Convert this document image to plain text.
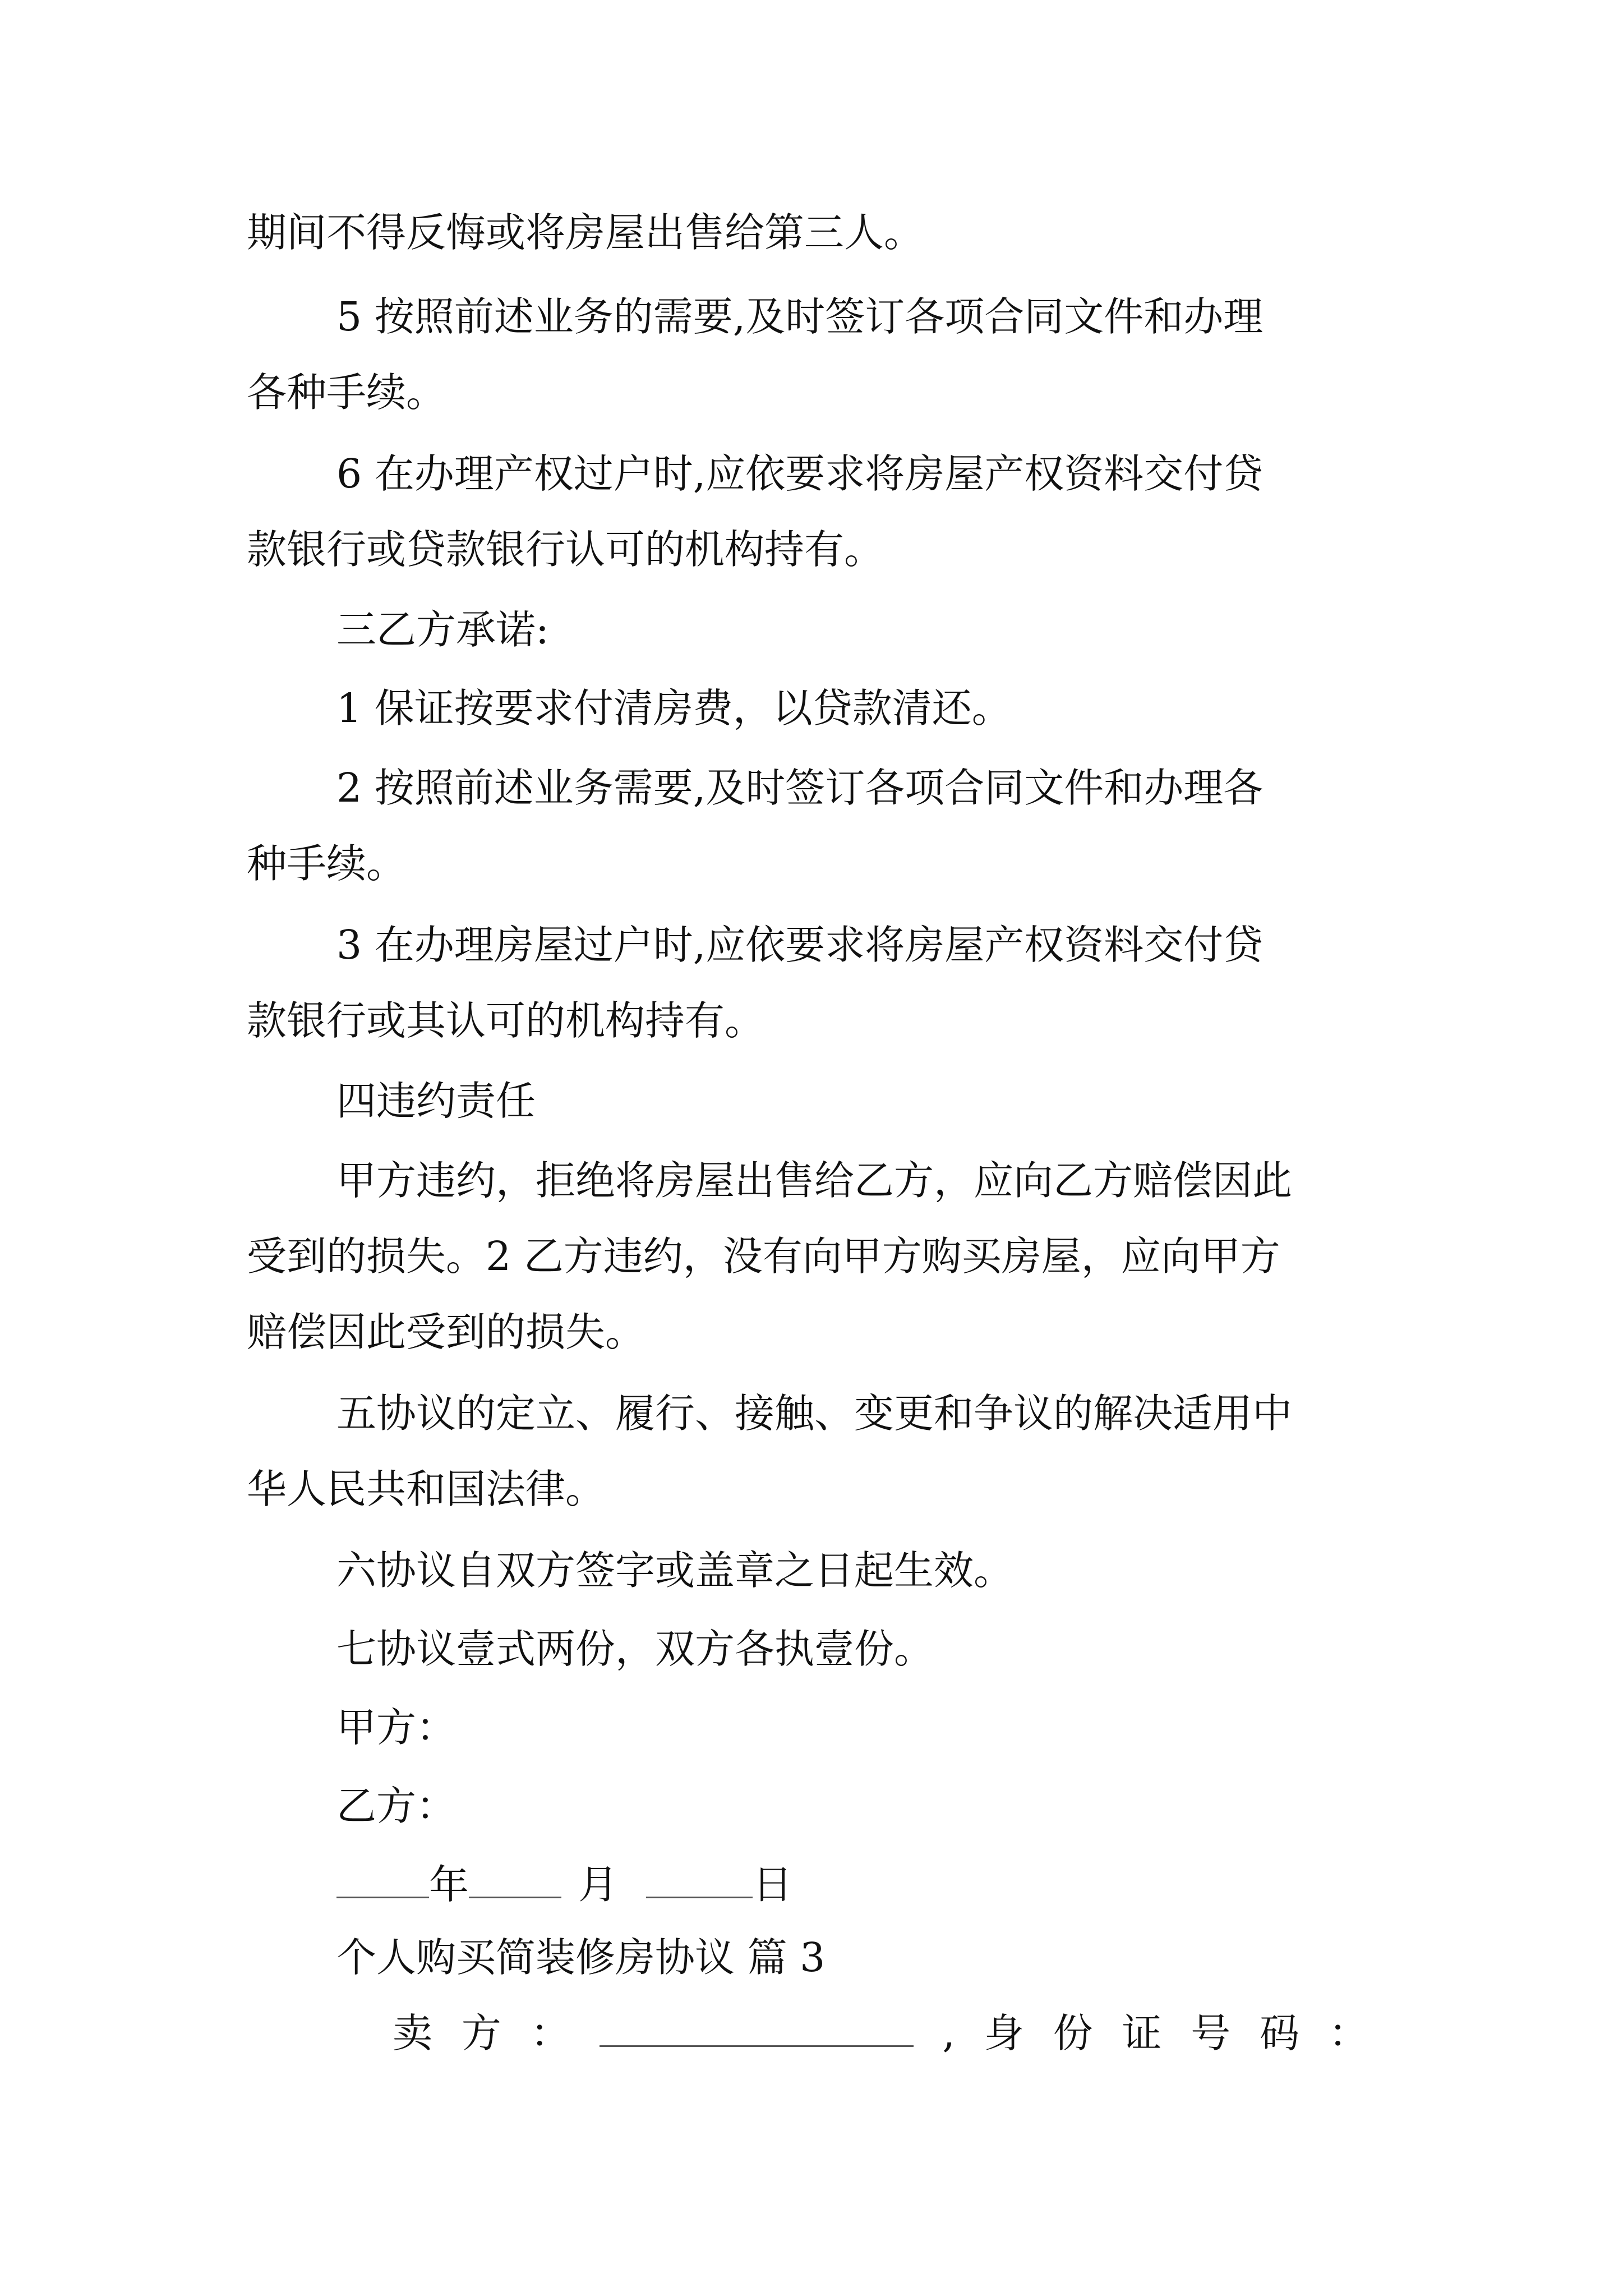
期间不得反悔或将房屋出售给第三人。
5 按照前述业务的需要,及时签订各项合同文件和办理
各种手续。
6 在办理产权过户时,应依要求将房屋产权资料交付贷
款银行或贷款银行认可的机构持有。
三乙方承诺:
1 保证按要求付清房费，以贷款清还。
2 按照前述业务需要,及时签订各项合同文件和办理各
种手续。
3 在办理房屋过户时,应依要求将房屋产权资料交付贷
款银行或其认可的机构持有。
四违约责任
甲方违约，拒绝将房屋出售给乙方，应向乙方赔偿因此
受到的损失。2 乙方违约，没有向甲方购买房屋，应向甲方
赔偿因此受到的损失。
五协议的定立、履行、接触、变更和争议的解决适用中
华人民共和国法律。
六协议自双方签字或盖章之日起生效。
七协议壹式两份，双方各执壹份。
甲方：
乙方：
年	月	日
个人购买简装修房协议 篇 3
卖 方 ：	, 身 份 证 号 码 ：
